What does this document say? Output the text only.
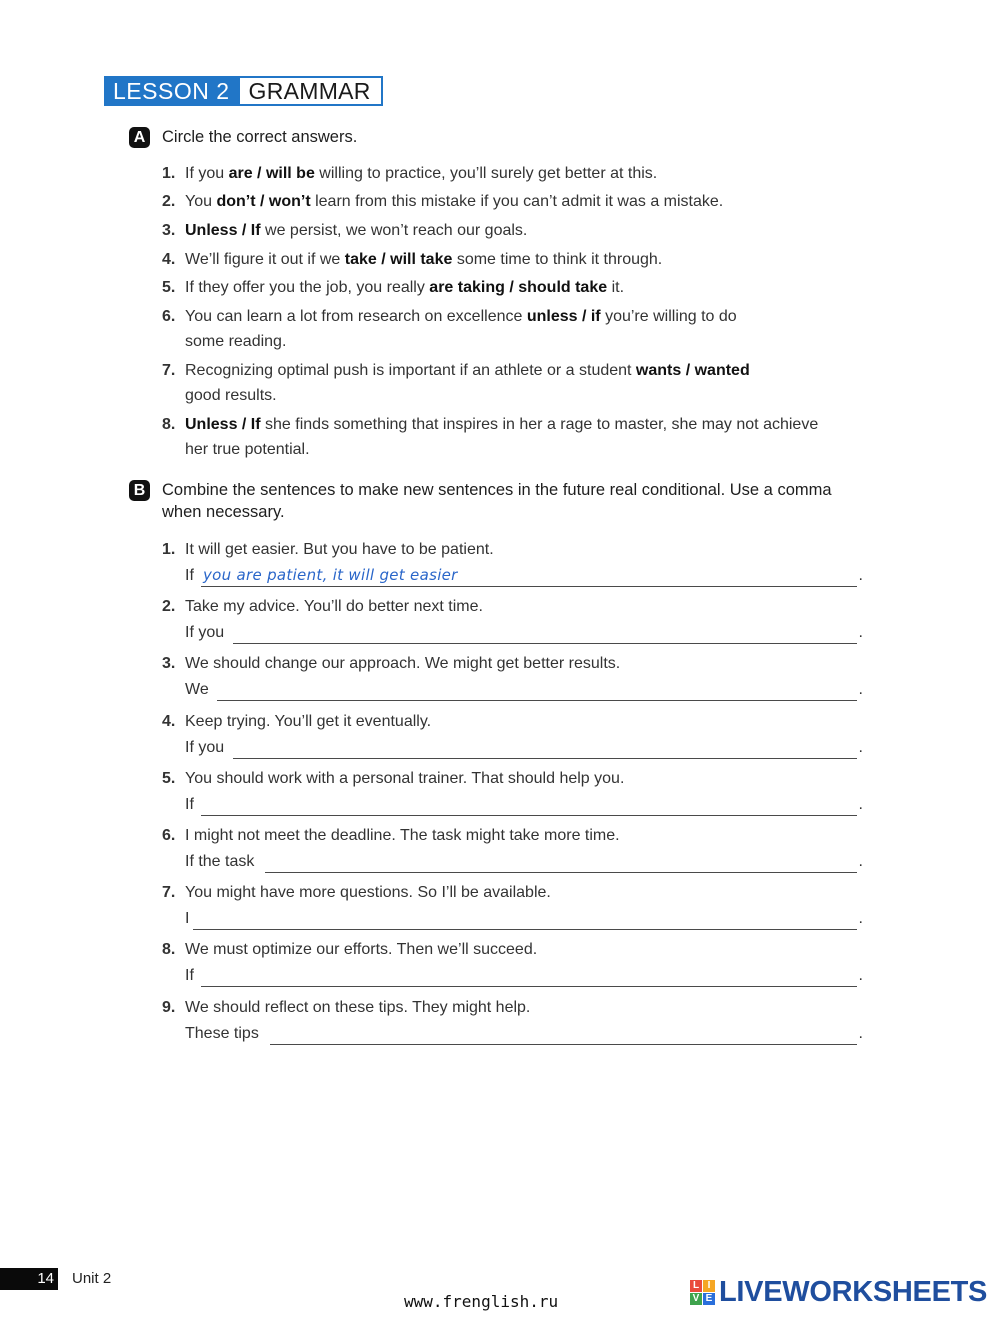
LESSON 2 GRAMMAR
A Circle the correct answers.
1. If you are / will be willing to practice, you’ll surely get better at this.
2. You don’t / won’t learn from this mistake if you can’t admit it was a mistake.
3. Unless / If we persist, we won’t reach our goals.
4. We’ll figure it out if we take / will take some time to think it through.
5. If they offer you the job, you really are taking / should take it.
6. You can learn a lot from research on excellence unless / if you’re willing to do
some reading.
7. Recognizing optimal push is important if an athlete or a student wants / wanted
good results.
8. Unless / If she finds something that inspires in her a rage to master, she may not achieve
her true potential.
B Combine the sentences to make new sentences in the future real conditional. Use a comma
when necessary.
1. It will get easier. But you have to be patient.
If you are patient, it will get easier	.
2. Take my advice. You’ll do better next time.
If you	.
3. We should change our approach. We might get better results.
We	.
4. Keep trying. You’ll get it eventually.
If you	.
5. You should work with a personal trainer. That should help you.
If	.
6. I might not meet the deadline. The task might take more time.
If the task	.
7. You might have more questions. So I’ll be available.
I	.
8. We must optimize our efforts. Then we’ll succeed.
If	.
9. We should reflect on these tips. They might help.
These tips	.
14 Unit 2
www.frenglish.ru
L I
V E LIVEWORKSHEETS
